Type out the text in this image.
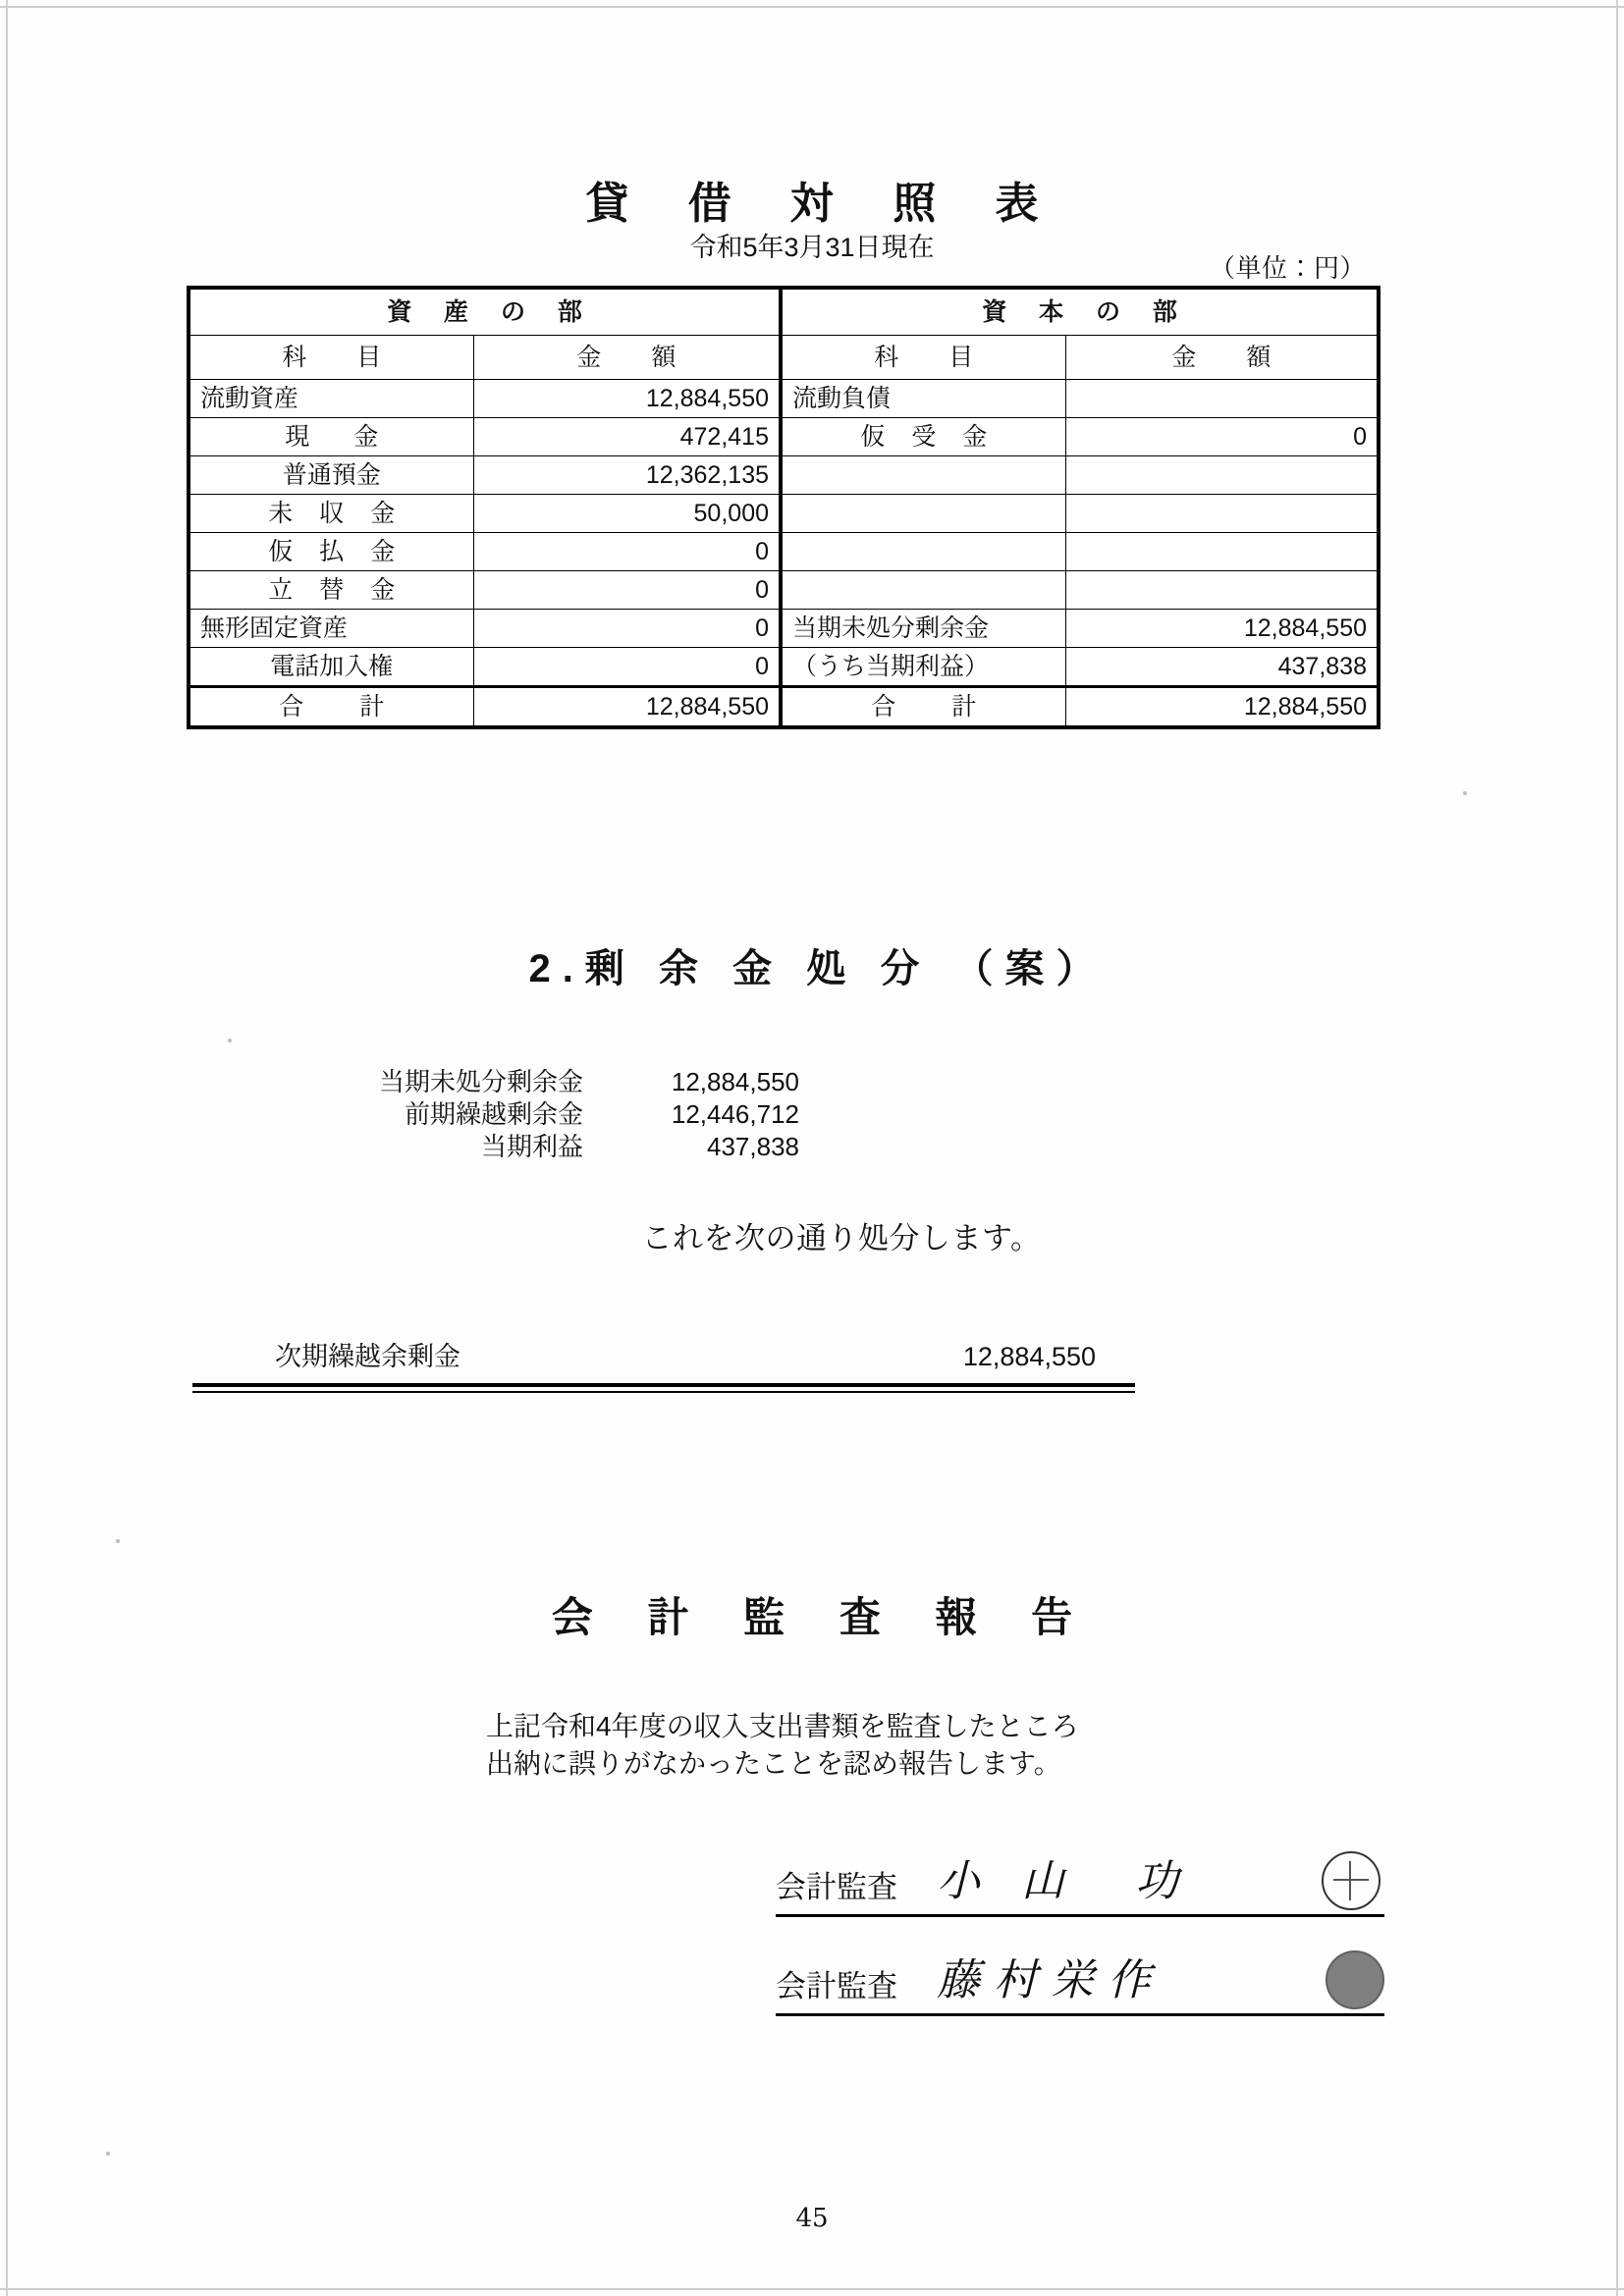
貸 借 対 照 表
令和5年3月31日現在
（単位：円）
資 産 の 部		資 本 の 部	
科　目	金　額	科　目	金　額
流動資産	12,884,550	流動負債	
現　金	472,415	仮 受 金	0
普通預金	12,362,135		
未 収 金	50,000		
仮 払 金	0		
立 替 金	0		
無形固定資産	0	当期未処分剰余金	12,884,550
電話加入権	0	（うち当期利益）	437,838
合　計	12,884,550	合　計	12,884,550
2.剰 余 金 処 分 （案）
当期未処分剰余金	12,884,550
前期繰越剰余金	12,446,712
当期利益	437,838
これを次の通り処分します。
次期繰越余剰金	12,884,550
会 計 監 査 報 告
上記令和4年度の収入支出書類を監査したところ
出納に誤りがなかったことを認め報告します。
会計監査 小 山　功
会計監査 藤村栄作
45
